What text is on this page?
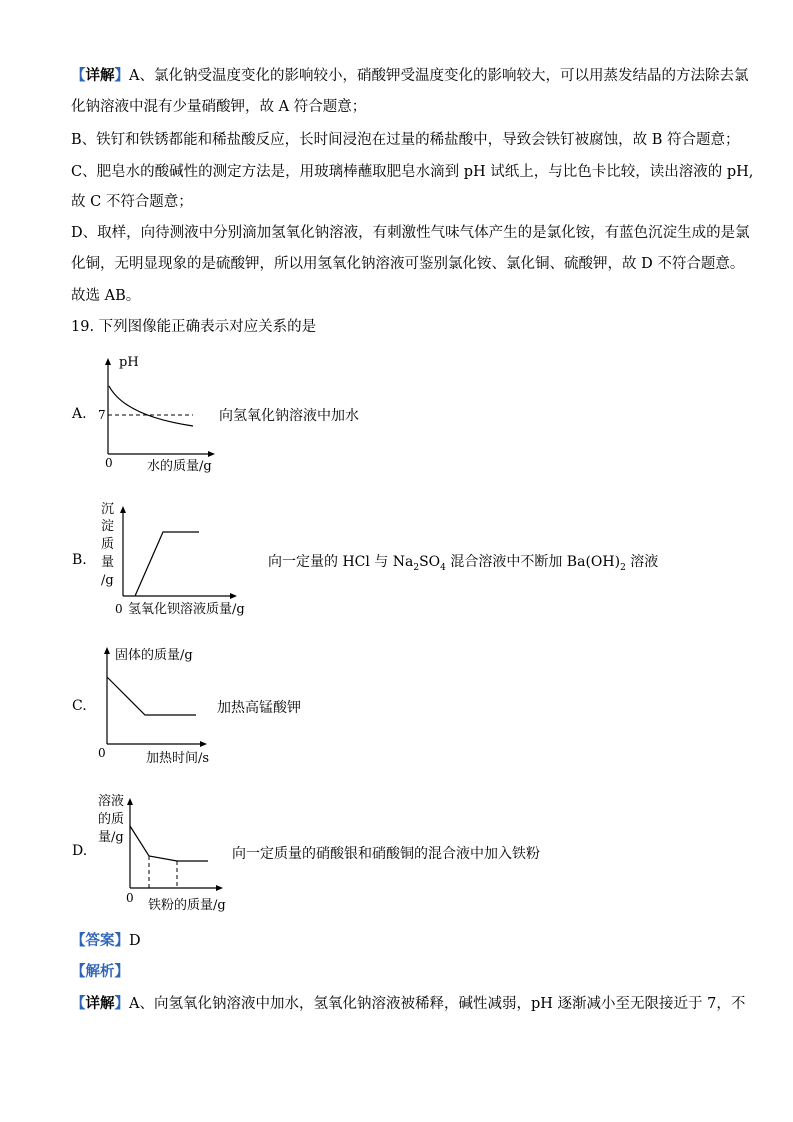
【详解】A、氯化钠受温度变化的影响较小，硝酸钾受温度变化的影响较大，可以用蒸发结晶的方法除去氯
化钠溶液中混有少量硝酸钾，故 A 符合题意；
B、铁钉和铁锈都能和稀盐酸反应，长时间浸泡在过量的稀盐酸中，导致会铁钉被腐蚀，故 B 符合题意；
C、肥皂水的酸碱性的测定方法是，用玻璃棒蘸取肥皂水滴到 pH 试纸上，与比色卡比较，读出溶液的 pH,
故 C 不符合题意；
D、取样，向待测液中分别滴加氢氧化钠溶液，有刺激性气味气体产生的是氯化铵，有蓝色沉淀生成的是氯
化铜，无明显现象的是硫酸钾，所以用氢氧化钠溶液可鉴别氯化铵、氯化铜、硫酸钾，故 D 不符合题意。
故选 AB。
19. 下列图像能正确表示对应关系的是
A.
pH
7
0	水的质量/g
向氢氧化钠溶液中加水
B.
沉
淀
质
量
/g
0 氢氧化钡溶液质量/g
向一定量的 HCl 与 $Na_2SO_4$ 混合溶液中不断加 $Ba(OH)_2$ 溶液
C.
固体的质量/g
0	加热时间/s
加热高锰酸钾
D.
溶液
的质
量/g
0 铁粉的质量/g
向一定质量的硝酸银和硝酸铜的混合液中加入铁粉
【答案】D
【解析】
【详解】A、向氢氧化钠溶液中加水，氢氧化钠溶液被稀释，碱性减弱，pH 逐渐减小至无限接近于 7，不
